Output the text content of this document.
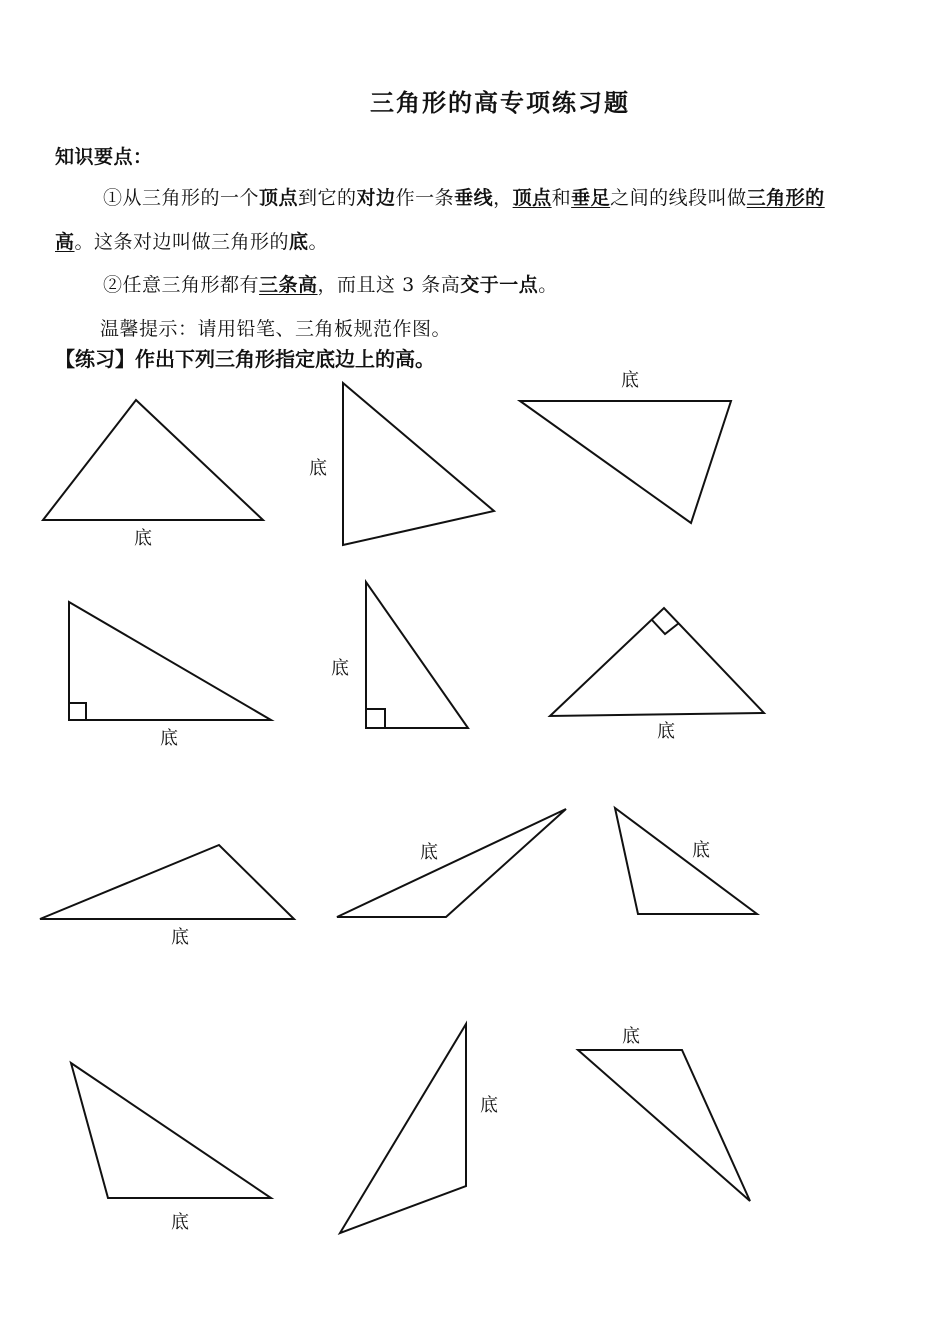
三角形的高专项练习题
知识要点：
①从三角形的一个顶点到它的对边作一条垂线，顶点和垂足之间的线段叫做三角形的
高。这条对边叫做三角形的底。
②任意三角形都有三条高，而且这 3 条高交于一点。
温馨提示：请用铅笔、三角板规范作图。
【练习】作出下列三角形指定底边上的高。
底
底
底
底
底
底
底
底	底
底
底
底
